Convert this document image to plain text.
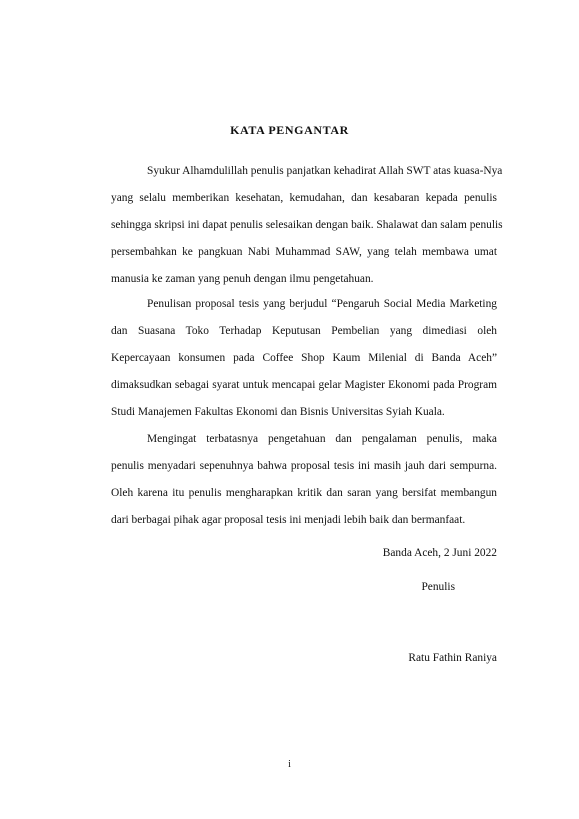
KATA PENGANTAR
Syukur Alhamdulillah penulis panjatkan kehadirat Allah SWT atas kuasa-Nya
yang selalu memberikan kesehatan, kemudahan, dan kesabaran kepada penulis
sehingga skripsi ini dapat penulis selesaikan dengan baik. Shalawat dan salam penulis
persembahkan ke pangkuan Nabi Muhammad SAW, yang telah membawa umat
manusia ke zaman yang penuh dengan ilmu pengetahuan.
Penulisan proposal tesis yang berjudul “Pengaruh Social Media Marketing
dan Suasana Toko Terhadap Keputusan Pembelian yang dimediasi oleh
Kepercayaan konsumen pada Coffee Shop Kaum Milenial di Banda Aceh”
dimaksudkan sebagai syarat untuk mencapai gelar Magister Ekonomi pada Program
Studi Manajemen Fakultas Ekonomi dan Bisnis Universitas Syiah Kuala.
Mengingat terbatasnya pengetahuan dan pengalaman penulis, maka
penulis menyadari sepenuhnya bahwa proposal tesis ini masih jauh dari sempurna.
Oleh karena itu penulis mengharapkan kritik dan saran yang bersifat membangun
dari berbagai pihak agar proposal tesis ini menjadi lebih baik dan bermanfaat.
Banda Aceh, 2 Juni 2022
Penulis
Ratu Fathin Raniya
i
